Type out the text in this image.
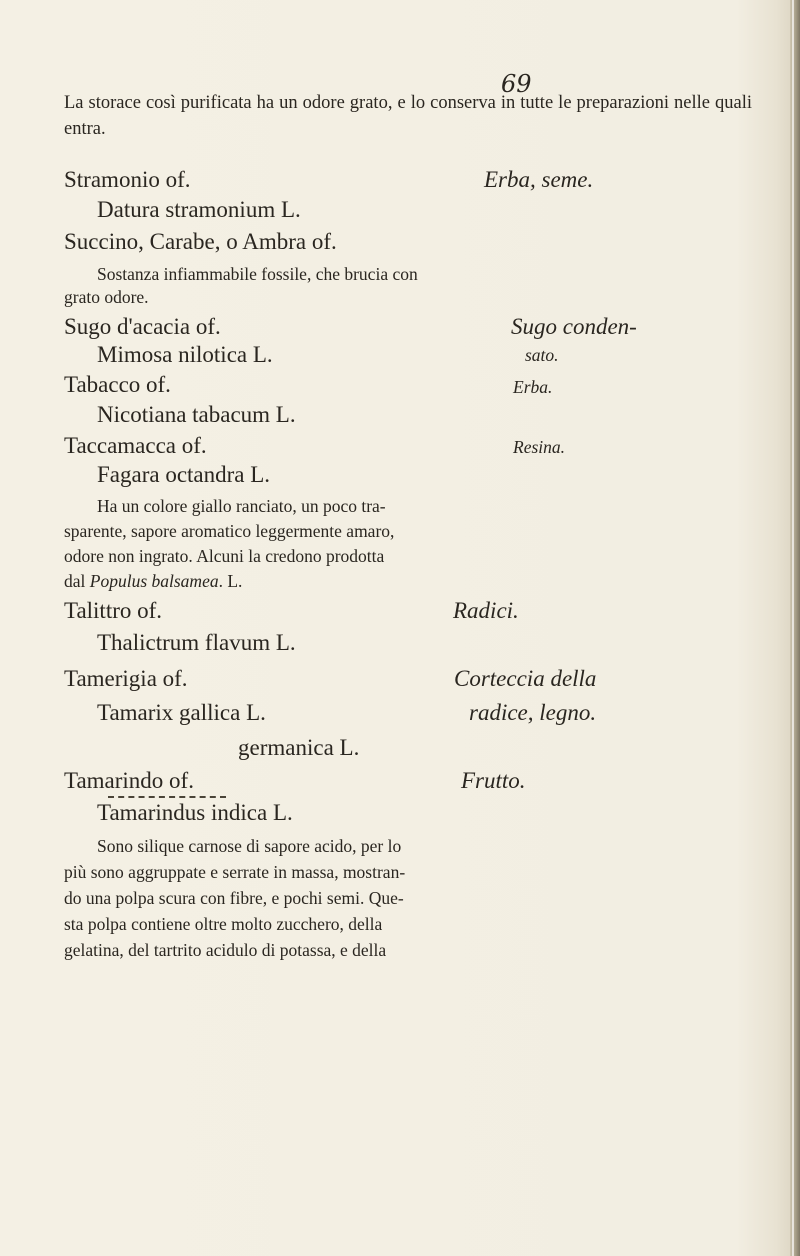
69
La storace così purificata ha un odore grato, e lo conserva in tutte le preparazioni nelle quali entra.
Stramonio of.	Erba, seme.
Datura stramonium L.
Succino, Carabe, o Ambra of.
Sostanza infiammabile fossile, che brucia con
grato odore.
Sugo d'acacia of.	Sugo conden-
Mimosa nilotica L.	sato.
Tabacco of.	Erba.
Nicotiana tabacum L.
Taccamacca of.	Resina.
Fagara octandra L.
Ha un colore giallo ranciato, un poco tra-
sparente, sapore aromatico leggermente amaro,
odore non ingrato. Alcuni la credono prodotta
dal Populus balsamea. L.
Talittro of.	Radici.
Thalictrum flavum L.
Tamerigia of.	Corteccia della
Tamarix gallica L.	radice, legno.
germanica L.
Tamarindo of.	Frutto.
Tamarindus indica L.
Sono silique carnose di sapore acido, per lo
più sono aggruppate e serrate in massa, mostran-
do una polpa scura con fibre, e pochi semi. Que-
sta polpa contiene oltre molto zucchero, della
gelatina, del tartrito acidulo di potassa, e della
